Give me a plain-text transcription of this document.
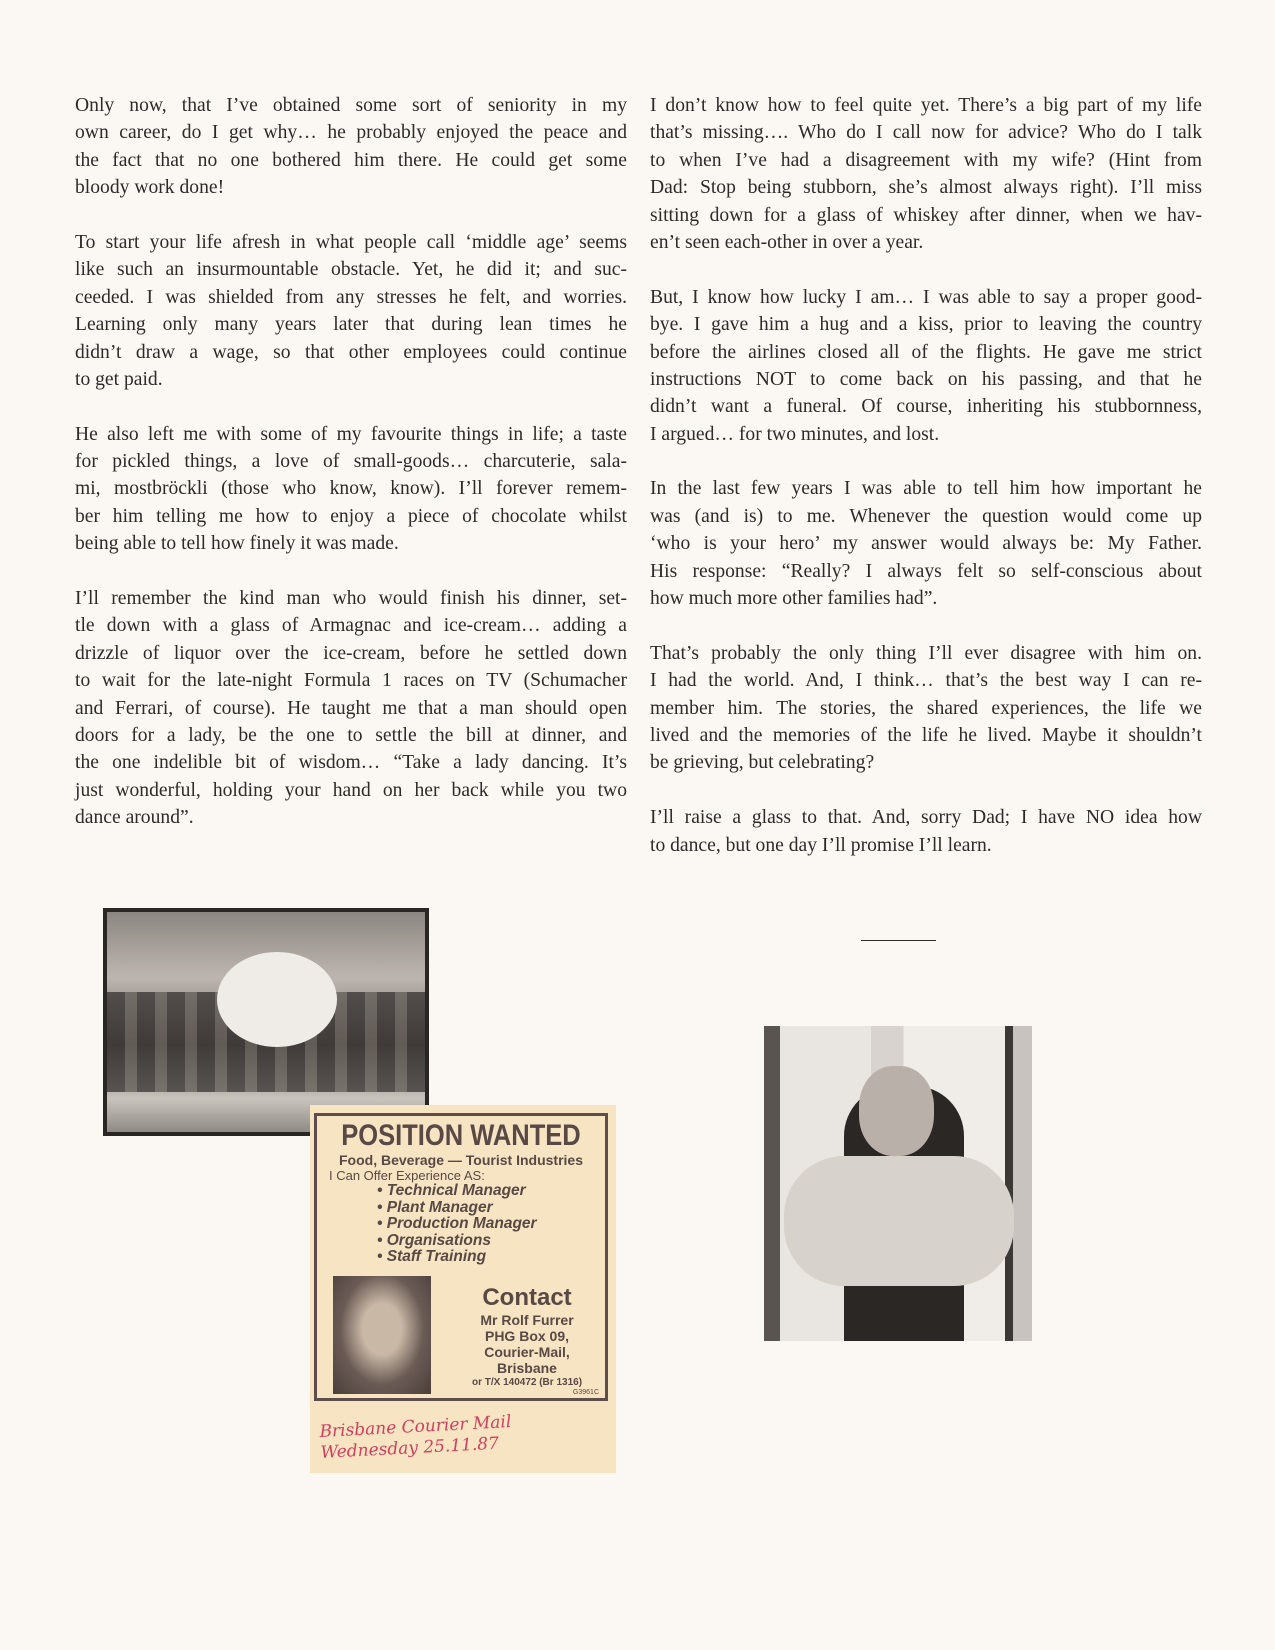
Only now, that I’ve obtained some sort of seniority in my
own career, do I get why… he probably enjoyed the peace and
the fact that no one bothered him there. He could get some
bloody work done!
To start your life afresh in what people call ‘middle age’ seems
like such an insurmountable obstacle. Yet, he did it; and suc-
ceeded. I was shielded from any stresses he felt, and worries.
Learning only many years later that during lean times he
didn’t draw a wage, so that other employees could continue
to get paid.
He also left me with some of my favourite things in life; a taste
for pickled things, a love of small-goods… charcuterie, sala-
mi, mostbröckli (those who know, know). I’ll forever remem-
ber him telling me how to enjoy a piece of chocolate whilst
being able to tell how finely it was made.
I’ll remember the kind man who would finish his dinner, set-
tle down with a glass of Armagnac and ice-cream… adding a
drizzle of liquor over the ice-cream, before he settled down
to wait for the late-night Formula 1 races on TV (Schumacher
and Ferrari, of course). He taught me that a man should open
doors for a lady, be the one to settle the bill at dinner, and
the one indelible bit of wisdom… “Take a lady dancing. It’s
just wonderful, holding your hand on her back while you two
dance around”.
I don’t know how to feel quite yet. There’s a big part of my life
that’s missing…. Who do I call now for advice? Who do I talk
to when I’ve had a disagreement with my wife? (Hint from
Dad: Stop being stubborn, she’s almost always right). I’ll miss
sitting down for a glass of whiskey after dinner, when we hav-
en’t seen each-other in over a year.
But, I know how lucky I am… I was able to say a proper good-
bye. I gave him a hug and a kiss, prior to leaving the country
before the airlines closed all of the flights. He gave me strict
instructions NOT to come back on his passing, and that he
didn’t want a funeral. Of course, inheriting his stubbornness,
I argued… for two minutes, and lost.
In the last few years I was able to tell him how important he
was (and is) to me. Whenever the question would come up
‘who is your hero’ my answer would always be: My Father.
His response: “Really? I always felt so self-conscious about
how much more other families had”.
That’s probably the only thing I’ll ever disagree with him on.
I had the world. And, I think… that’s the best way I can re-
member him. The stories, the shared experiences, the life we
lived and the memories of the life he lived. Maybe it shouldn’t
be grieving, but celebrating?
I’ll raise a glass to that. And, sorry Dad; I have NO idea how
to dance, but one day I’ll promise I’ll learn.
POSITION WANTED
Food, Beverage — Tourist Industries
I Can Offer Experience AS:
• Technical Manager
• Plant Manager
• Production Manager
• Organisations
• Staff Training
Contact
Mr Rolf Furrer
PHG Box 09,
Courier-Mail,
Brisbane
or T/X 140472 (Br 1316)
G3961C
Brisbane Courier Mail
Wednesday 25.11.87
